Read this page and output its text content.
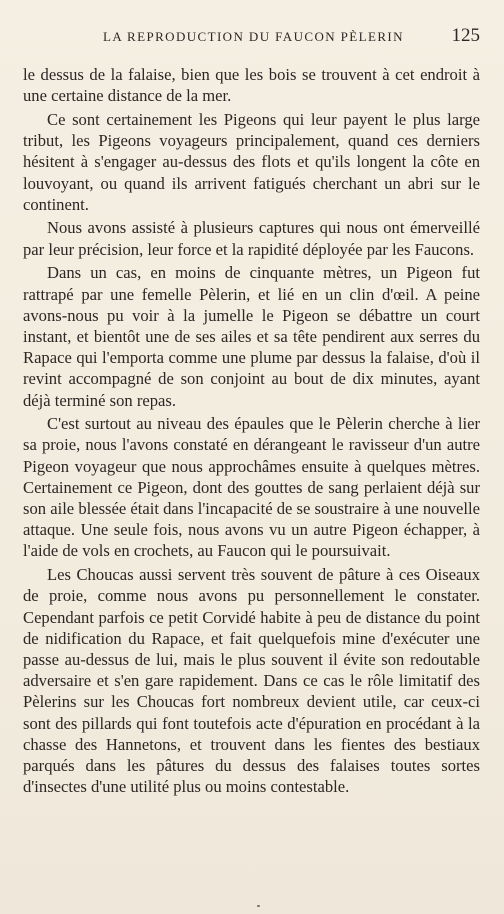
LA REPRODUCTION DU FAUCON PÈLERIN	125

le dessus de la falaise, bien que les bois se trouvent à cet endroit à une certaine distance de la mer.

Ce sont certainement les Pigeons qui leur payent le plus large tribut, les Pigeons voyageurs principalement, quand ces derniers hésitent à s'engager au-dessus des flots et qu'ils longent la côte en louvoyant, ou quand ils arrivent fatigués cherchant un abri sur le continent.

Nous avons assisté à plusieurs captures qui nous ont émerveillé par leur précision, leur force et la rapidité déployée par les Faucons.

Dans un cas, en moins de cinquante mètres, un Pigeon fut rattrapé par une femelle Pèlerin, et lié en un clin d'œil. A peine avons-nous pu voir à la jumelle le Pigeon se débattre un court instant, et bientôt une de ses ailes et sa tête pendirent aux serres du Rapace qui l'emporta comme une plume par dessus la falaise, d'où il revint accompagné de son conjoint au bout de dix minutes, ayant déjà terminé son repas.

C'est surtout au niveau des épaules que le Pèlerin cherche à lier sa proie, nous l'avons constaté en dérangeant le ravisseur d'un autre Pigeon voyageur que nous approchâmes ensuite à quelques mètres. Certainement ce Pigeon, dont des gouttes de sang perlaient déjà sur son aile blessée était dans l'incapacité de se soustraire à une nouvelle attaque. Une seule fois, nous avons vu un autre Pigeon échapper, à l'aide de vols en crochets, au Faucon qui le poursuivait.

Les Choucas aussi servent très souvent de pâture à ces Oiseaux de proie, comme nous avons pu personnellement le constater. Cependant parfois ce petit Corvidé habite à peu de distance du point de nidification du Rapace, et fait quelquefois mine d'exécuter une passe au-dessus de lui, mais le plus souvent il évite son redoutable adversaire et s'en gare rapidement. Dans ce cas le rôle limitatif des Pèlerins sur les Choucas fort nombreux devient utile, car ceux-ci sont des pillards qui font toutefois acte d'épuration en procédant à la chasse des Hannetons, et trouvent dans les fientes des bestiaux parqués dans les pâtures du dessus des falaises toutes sortes d'insectes d'une utilité plus ou moins contestable.
